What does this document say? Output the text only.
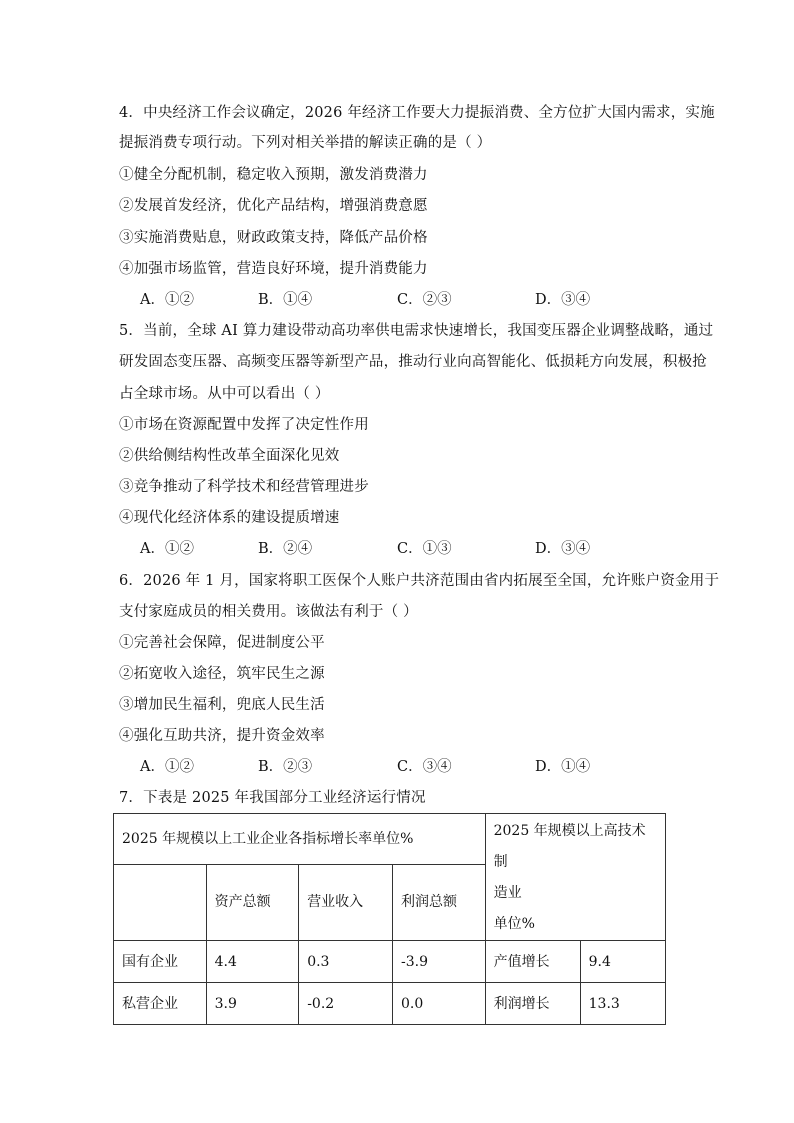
4．中央经济工作会议确定，2026 年经济工作要大力提振消费、全方位扩大国内需求，实施
提振消费专项行动。下列对相关举措的解读正确的是（ ）
①健全分配机制，稳定收入预期，激发消费潜力
②发展首发经济，优化产品结构，增强消费意愿
③实施消费贴息，财政政策支持，降低产品价格
④加强市场监管，营造良好环境，提升消费能力
A．①②	B．①④	C．②③	D．③④
5．当前，全球 AI 算力建设带动高功率供电需求快速增长，我国变压器企业调整战略，通过
研发固态变压器、高频变压器等新型产品，推动行业向高智能化、低损耗方向发展，积极抢
占全球市场。从中可以看出（ ）
①市场在资源配置中发挥了决定性作用
②供给侧结构性改革全面深化见效
③竞争推动了科学技术和经营管理进步
④现代化经济体系的建设提质增速
A．①②	B．②④	C．①③	D．③④
6．2026 年 1 月，国家将职工医保个人账户共济范围由省内拓展至全国，允许账户资金用于
支付家庭成员的相关费用。该做法有利于（ ）
①完善社会保障，促进制度公平
②拓宽收入途径，筑牢民生之源
③增加民生福利，兜底人民生活
④强化互助共济，提升资金效率
A．①②	B．②③	C．③④	D．①④
7．下表是 2025 年我国部分工业经济运行情况
2025 年规模以上工业企业各指标增长率单位%				2025 年规模以上高技术制
造业
单位%	

	资产总额	营业收入	利润总额		
国有企业	4.4	0.3	-3.9	产值增长	9.4
私营企业	3.9	-0.2	0.0	利润增长	13.3
